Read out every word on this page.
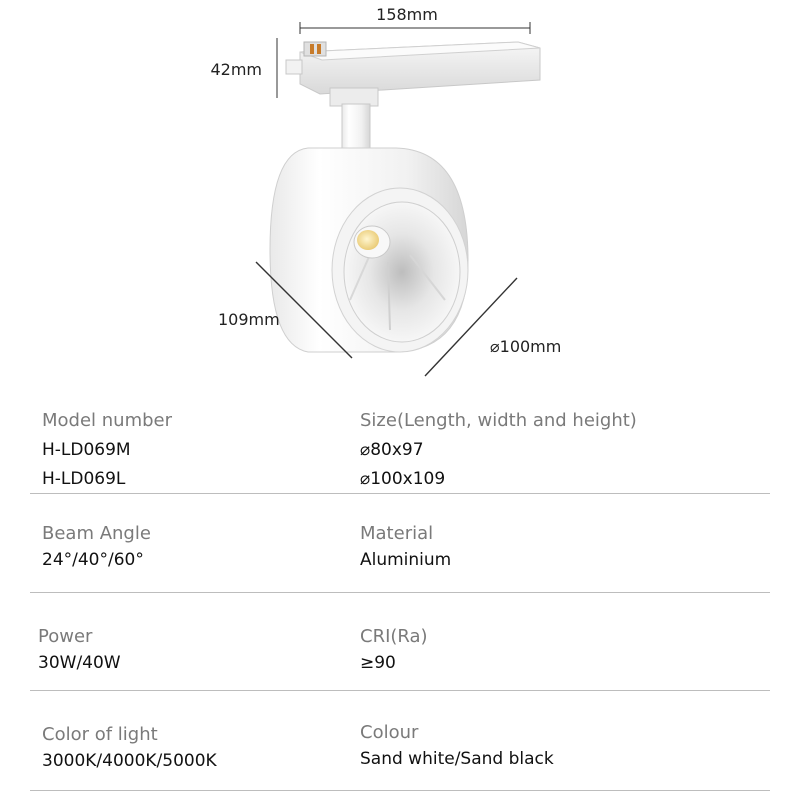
158mm
42mm
109mm
⌀100mm
Model number
H-LD069M
H-LD069L
Size(Length, width and height)
⌀80x97
⌀100x109
Beam Angle
24°/40°/60°
Material
Aluminium
Power
30W/40W
CRI(Ra)
≥90
Color of light
3000K/4000K/5000K
Colour
Sand white/Sand black
